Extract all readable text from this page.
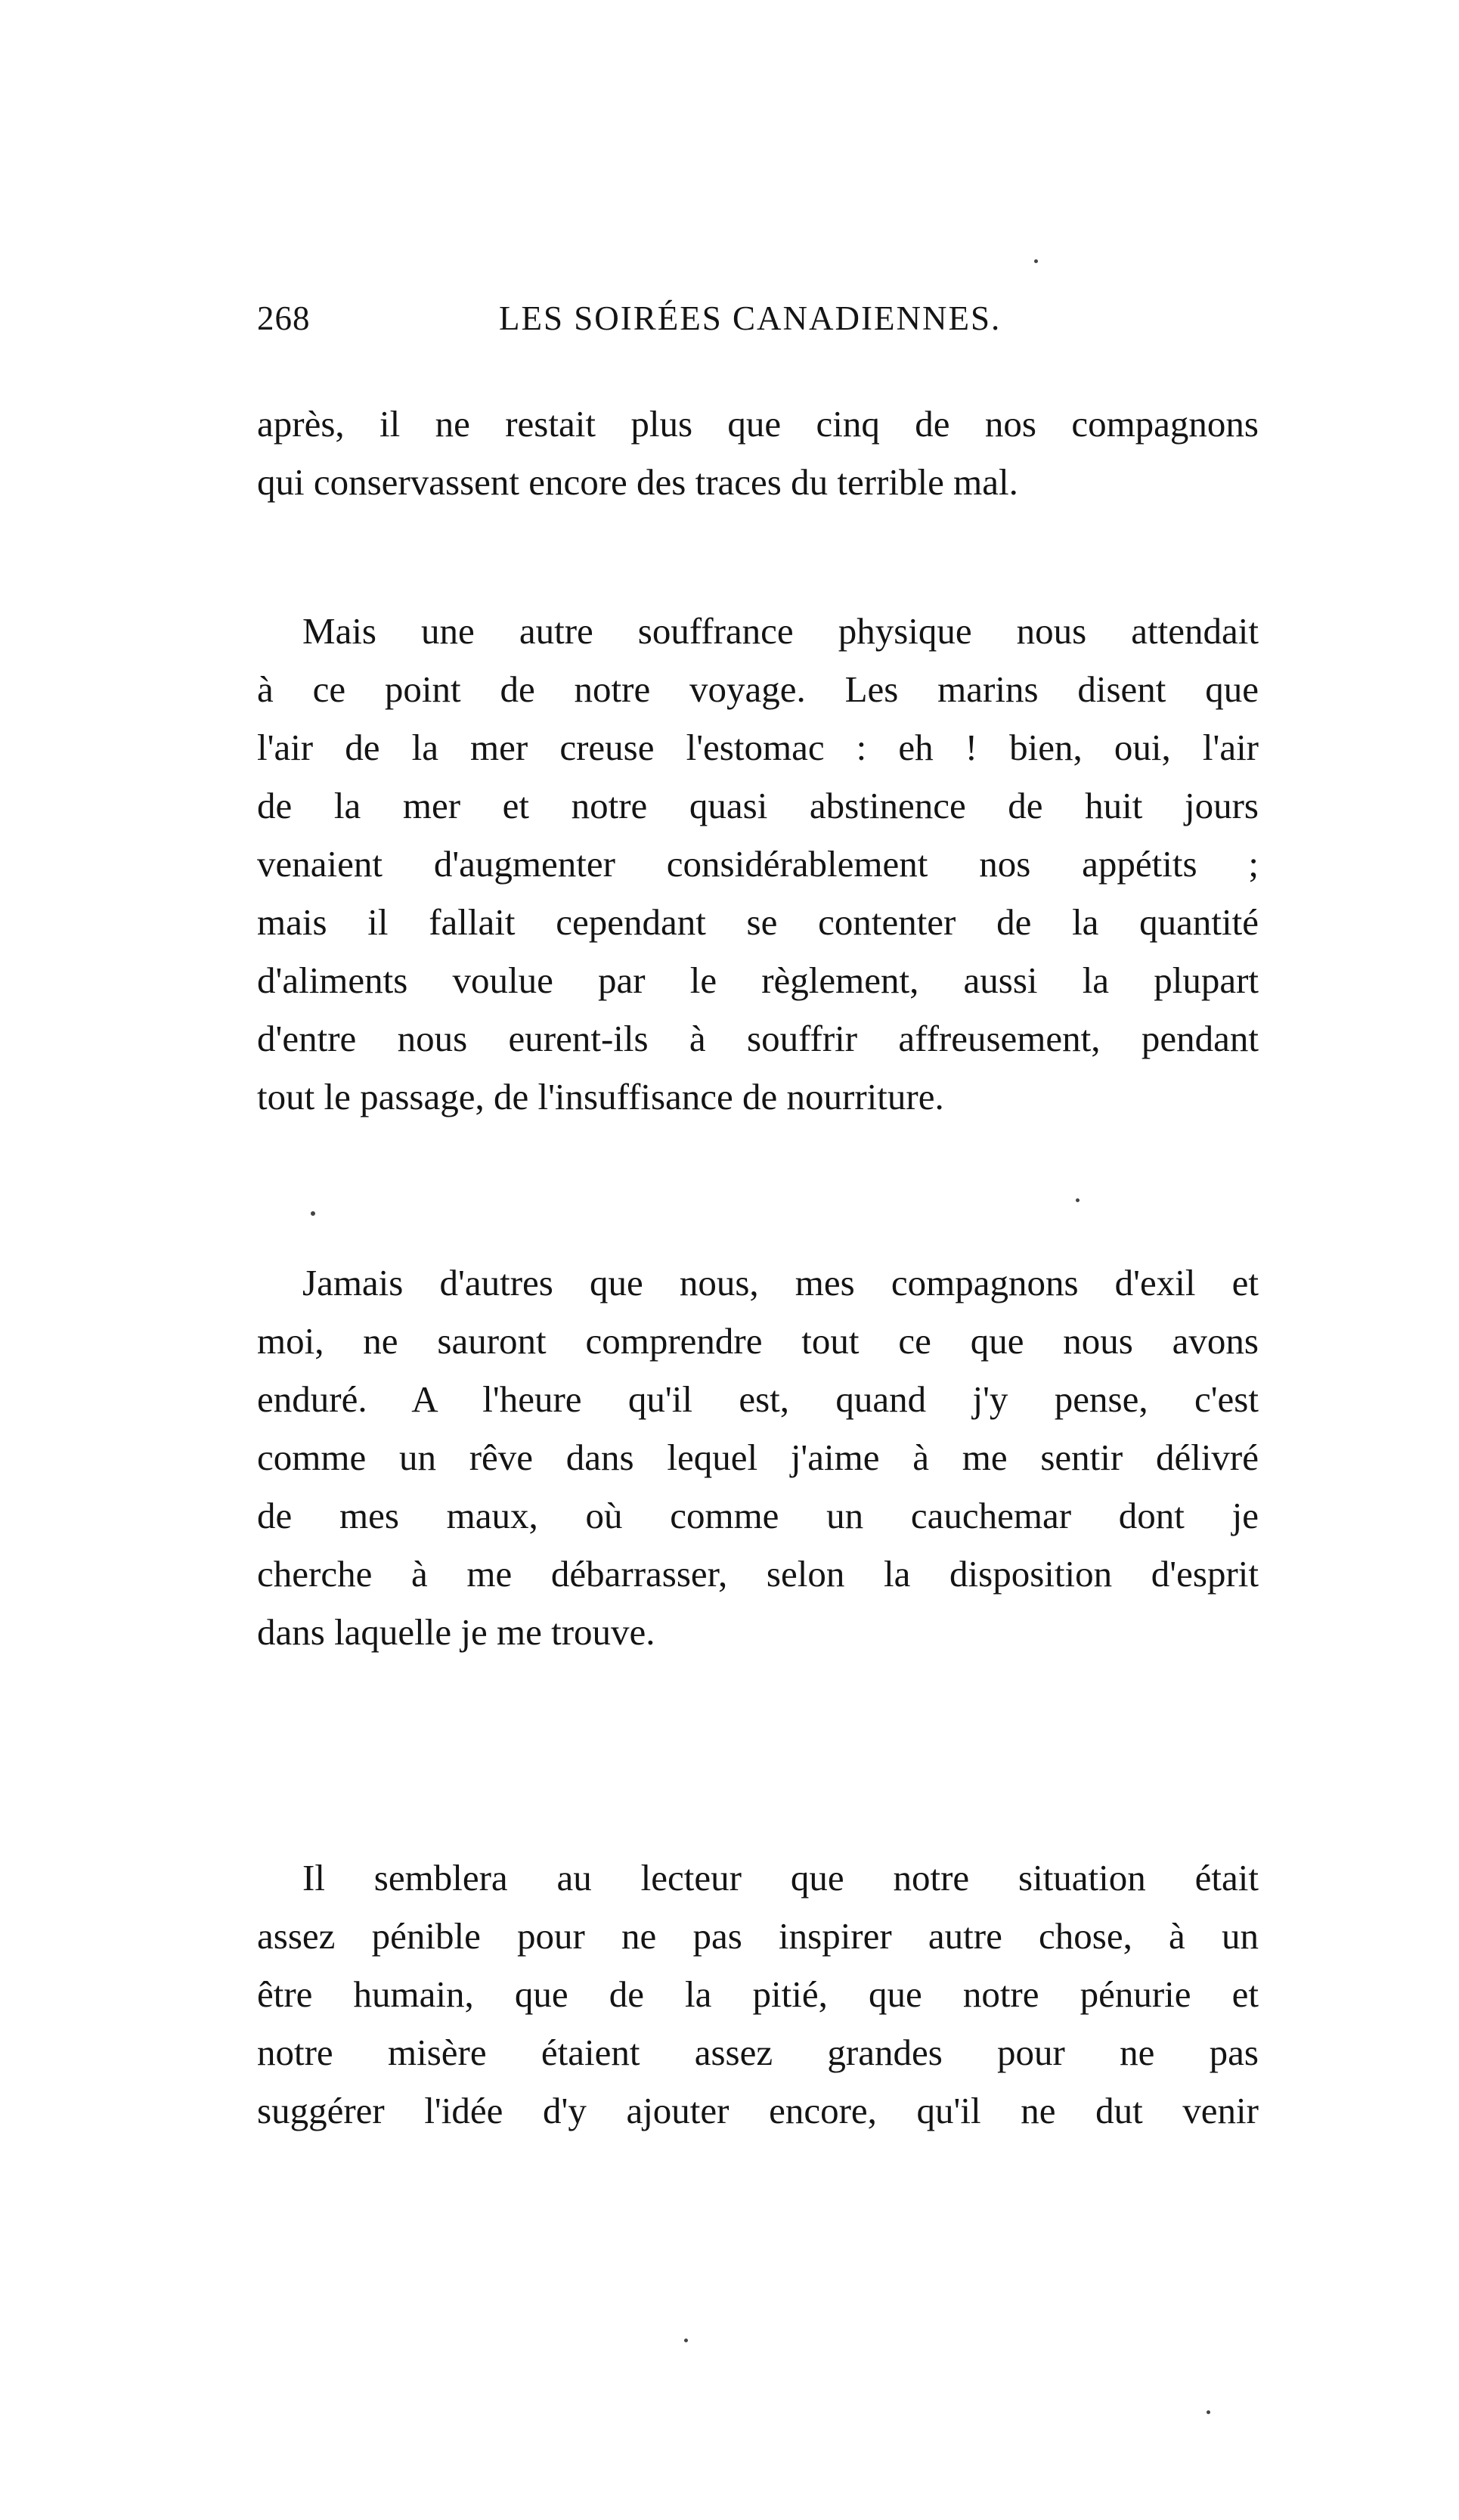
268	LES SOIRÉES CANADIENNES.

après, il ne restait plus que cinq de nos compagnons
qui conservassent encore des traces du terrible mal.

Mais une autre souffrance physique nous attendait
à ce point de notre voyage. Les marins disent que
l'air de la mer creuse l'estomac : eh ! bien, oui, l'air
de la mer et notre quasi abstinence de huit jours
venaient d'augmenter considérablement nos appétits ;
mais il fallait cependant se contenter de la quantité
d'aliments voulue par le règlement, aussi la plupart
d'entre nous eurent-ils à souffrir affreusement, pendant
tout le passage, de l'insuffisance de nourriture.

Jamais d'autres que nous, mes compagnons d'exil et
moi, ne sauront comprendre tout ce que nous avons
enduré. A l'heure qu'il est, quand j'y pense, c'est
comme un rêve dans lequel j'aime à me sentir délivré
de mes maux, où comme un cauchemar dont je
cherche à me débarrasser, selon la disposition d'esprit
dans laquelle je me trouve.

Il semblera au lecteur que notre situation était
assez pénible pour ne pas inspirer autre chose, à un
être humain, que de la pitié, que notre pénurie et
notre misère étaient assez grandes pour ne pas
suggérer l'idée d'y ajouter encore, qu'il ne dut venir
